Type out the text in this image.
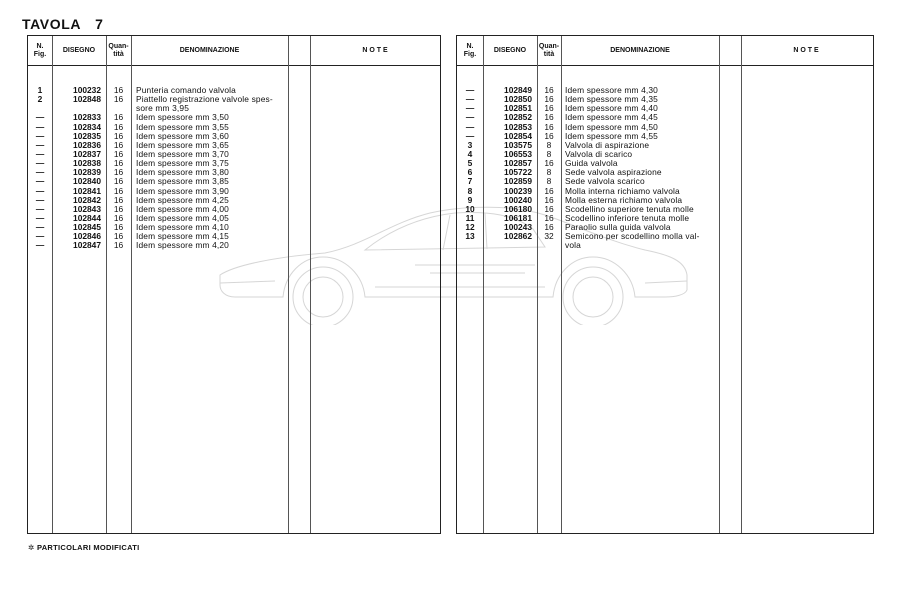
TAVOLA 7
N.
Fig.
DISEGNO
Quan-
tità
DENOMINAZIONE	N O T E
1	100232	16	Punteria comando valvola
2	102848	16	Piattello registrazione valvole spes-
sore mm 3,95
—	102833	16	Idem spessore mm 3,50
—	102834	16	Idem spessore mm 3,55
—	102835	16	Idem spessore mm 3,60
—	102836	16	Idem spessore mm 3,65
—	102837	16	Idem spessore mm 3,70
—	102838	16	Idem spessore mm 3,75
—	102839	16	Idem spessore mm 3,80
—	102840	16	Idem spessore mm 3,85
—	102841	16	Idem spessore mm 3,90
—	102842	16	Idem spessore mm 4,25
—	102843	16	Idem spessore mm 4,00
—	102844	16	Idem spessore mm 4,05
—	102845	16	Idem spessore mm 4,10
—	102846	16	Idem spessore mm 4,15
—	102847	16	Idem spessore mm 4,20
N.
Fig.
DISEGNO
Quan-
tità
DENOMINAZIONE	N O T E
—	102849	16	Idem spessore mm 4,30
—	102850	16	Idem spessore mm 4,35
—	102851	16	Idem spessore mm 4,40
—	102852	16	Idem spessore mm 4,45
—	102853	16	Idem spessore mm 4,50
—	102854	16	Idem spessore mm 4,55
3	103575	8	Valvola di aspirazione
4	106553	8	Valvola di scarico
5	102857	16	Guida valvola
6	105722	8	Sede valvola aspirazione
7	102859	8	Sede valvola scarico
8	100239	16	Molla interna richiamo valvola
9	100240	16	Molla esterna richiamo valvola
10	106180	16	Scodellino superiore tenuta molle
11	106181	16	Scodellino inferiore tenuta molle
12	100243	16	Paraolio sulla guida valvola
13	102862	32	Semicono per scodellino molla val-
vola
✲ PARTICOLARI MODIFICATI
